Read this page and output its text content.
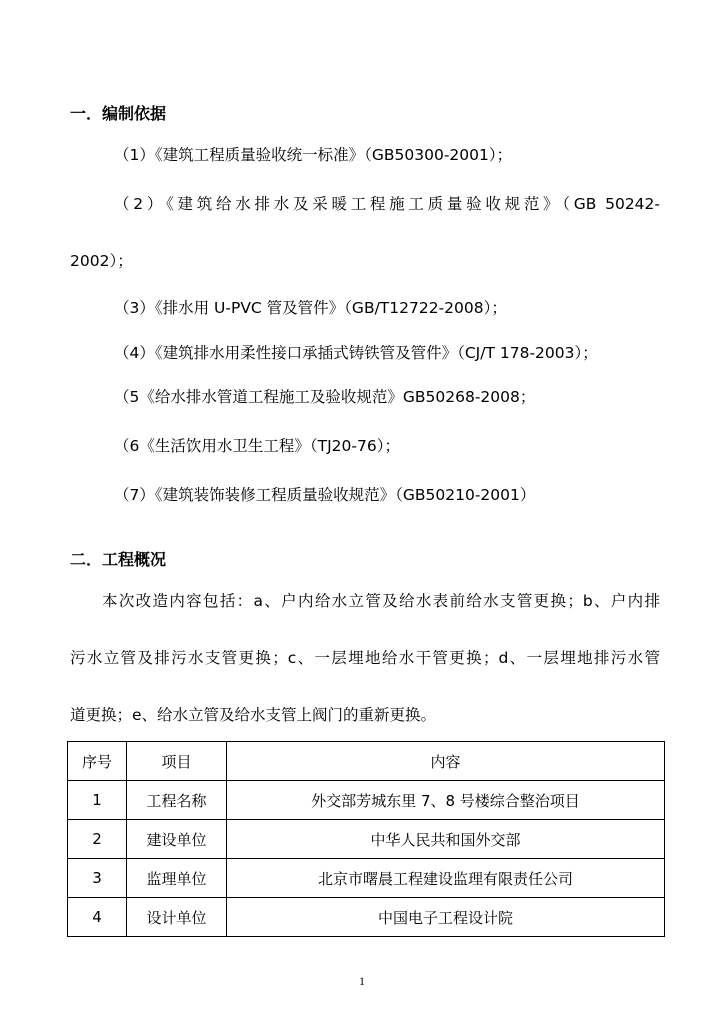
一．编制依据
（1）《建筑工程质量验收统一标准》（GB50300-2001）；
（2）《建筑给水排水及采暖工程施工质量验收规范》（GB 50242-
2002）；
（3）《排水用 U-PVC 管及管件》（GB/T12722-2008）；
（4）《建筑排水用柔性接口承插式铸铁管及管件》（CJ/T 178-2003）；
（5《给水排水管道工程施工及验收规范》GB50268-2008；
（6《生活饮用水卫生工程》（TJ20-76）；
（7）《建筑装饰装修工程质量验收规范》（GB50210-2001）
二．工程概况
本次改造内容包括：a、户内给水立管及给水表前给水支管更换；b、户内排
污水立管及排污水支管更换；c、一层埋地给水干管更换；d、一层埋地排污水管
道更换；e、给水立管及给水支管上阀门的重新更换。
序号	项目	内容
1	工程名称	外交部芳城东里 7、8 号楼综合整治项目
2	建设单位	中华人民共和国外交部
3	监理单位	北京市曙晨工程建设监理有限责任公司
4	设计单位	中国电子工程设计院
1
